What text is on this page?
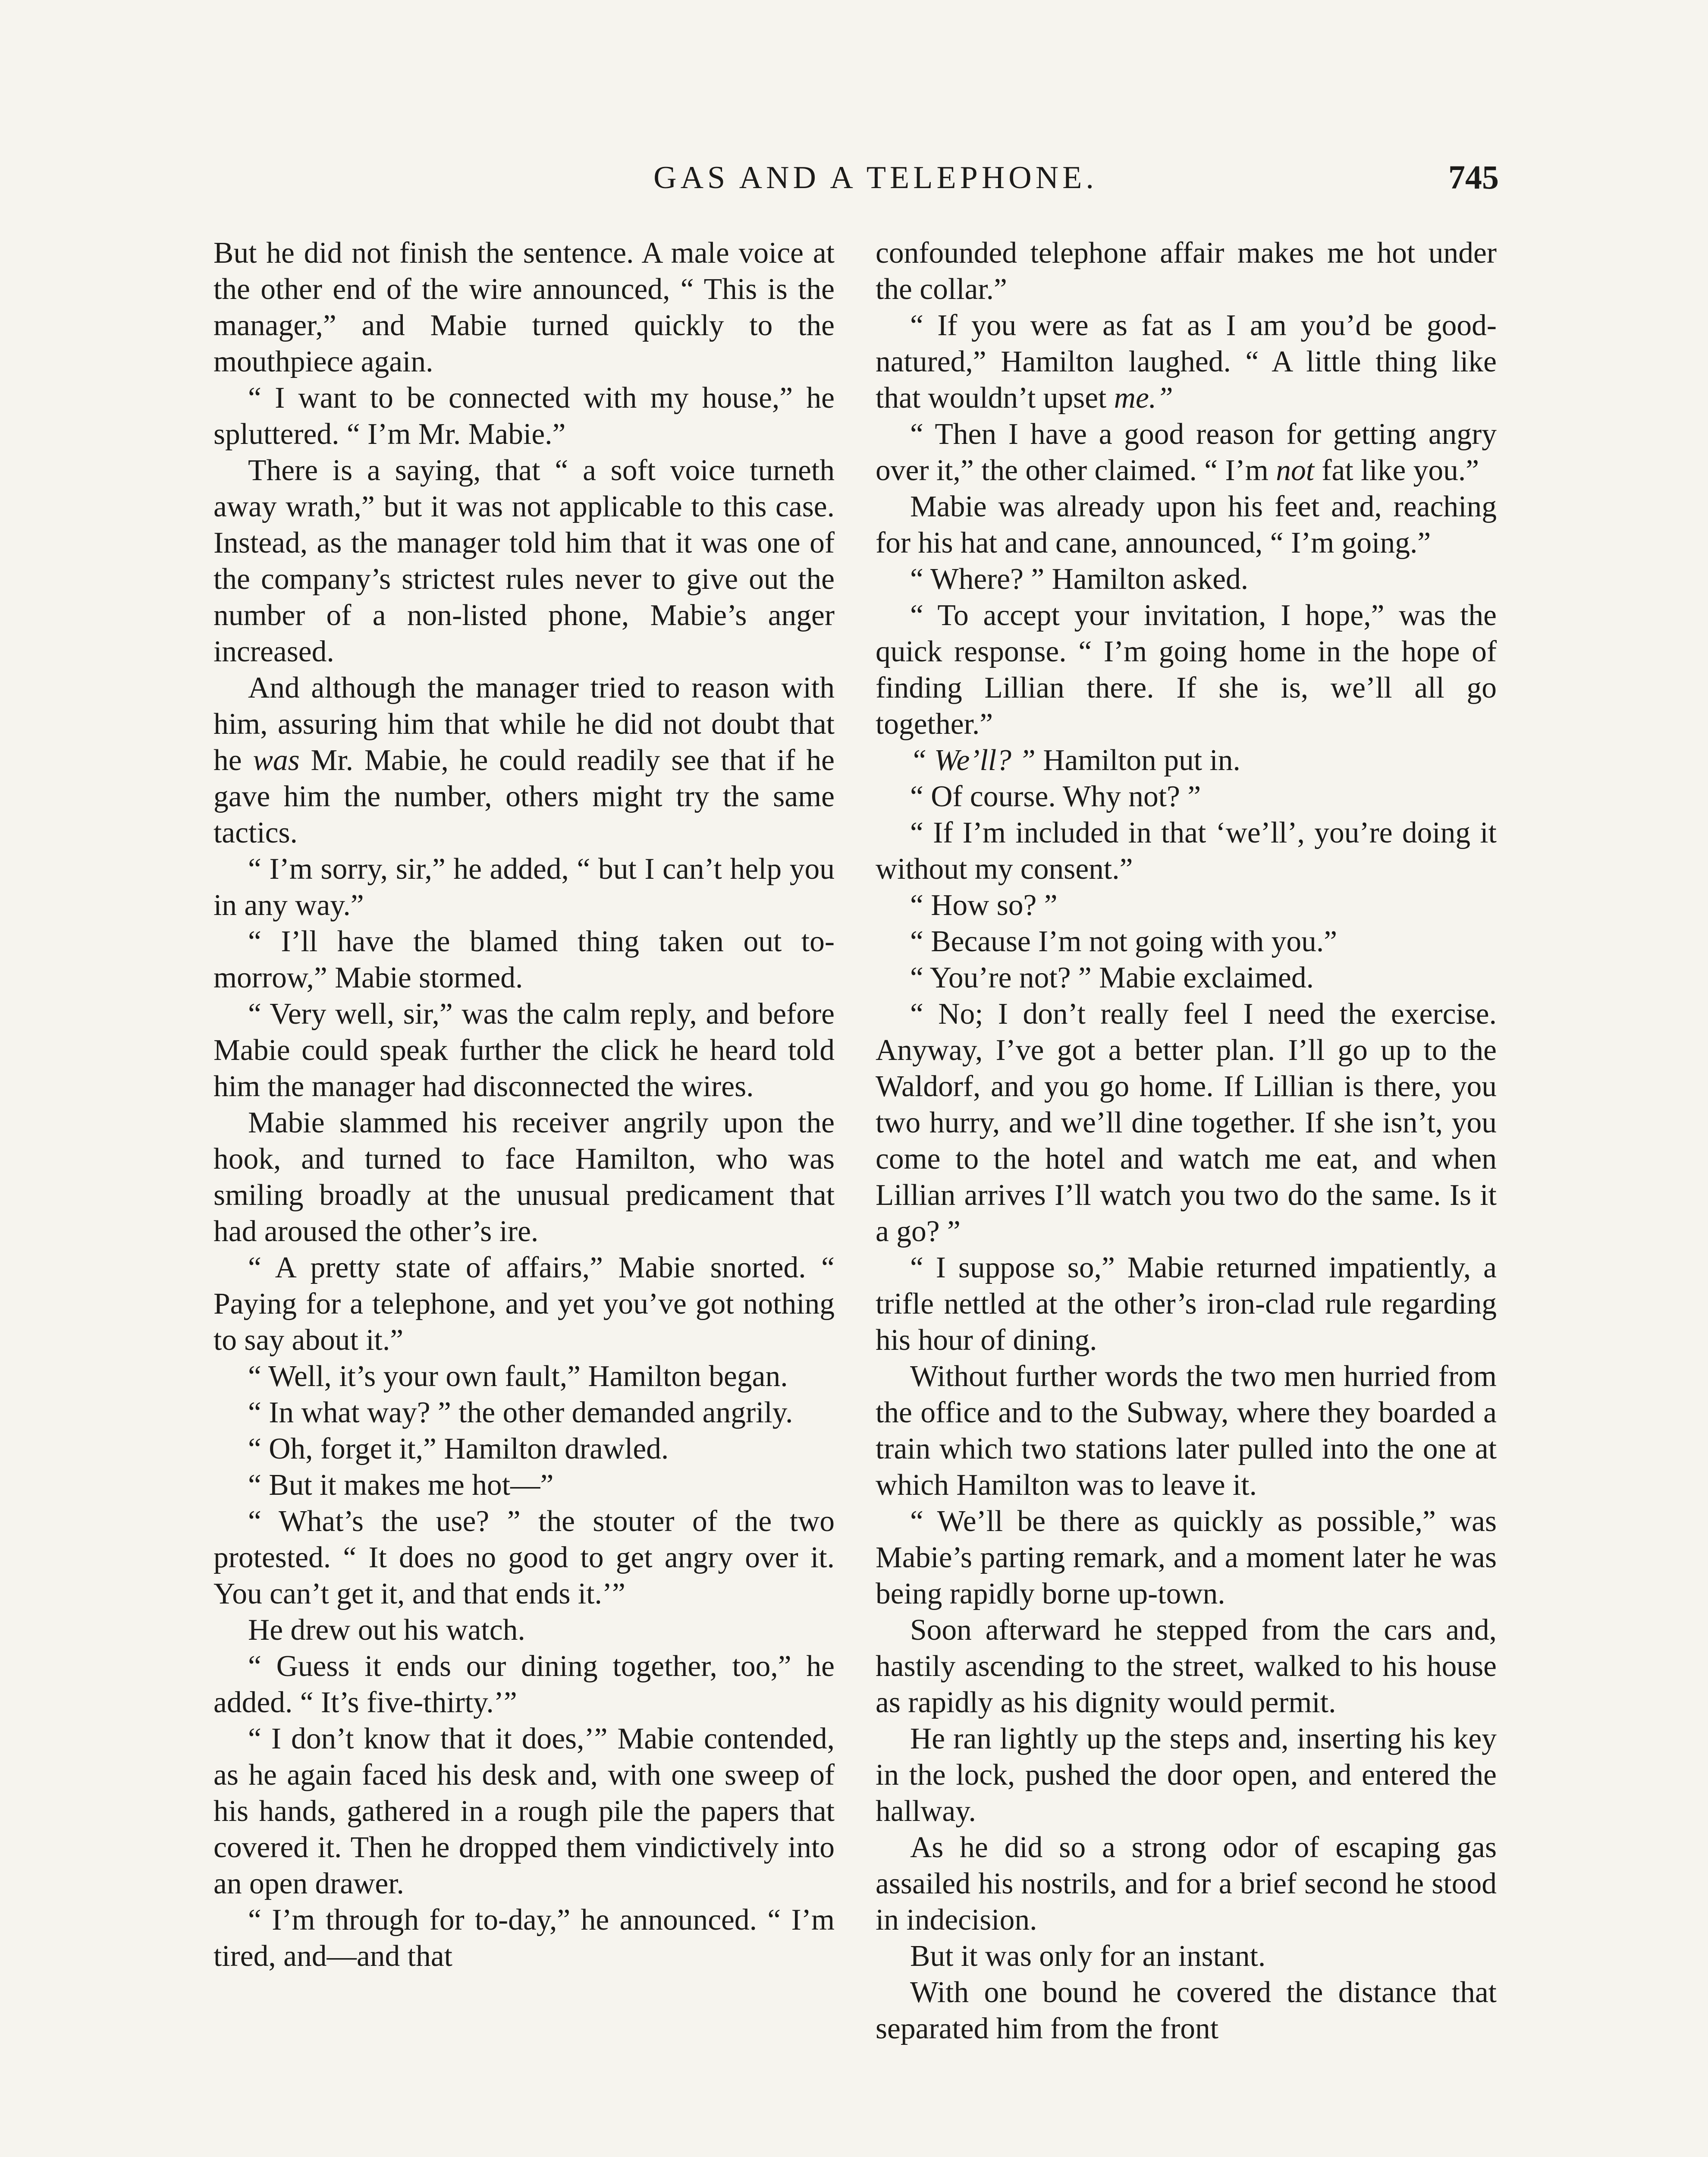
GAS AND A TELEPHONE.	745

But he did not finish the sentence. A male voice at the other end of the wire announced, “ This is the manager,” and Mabie turned quickly to the mouthpiece again.

“ I want to be connected with my house,” he spluttered. “ I’m Mr. Mabie.”

There is a saying, that “ a soft voice turneth away wrath,” but it was not applicable to this case. Instead, as the manager told him that it was one of the company’s strictest rules never to give out the number of a non-listed phone, Mabie’s anger increased.

And although the manager tried to reason with him, assuring him that while he did not doubt that he was Mr. Mabie, he could readily see that if he gave him the number, others might try the same tactics.

“ I’m sorry, sir,” he added, “ but I can’t help you in any way.”

“ I’ll have the blamed thing taken out to-morrow,” Mabie stormed.

“ Very well, sir,” was the calm reply, and before Mabie could speak further the click he heard told him the manager had disconnected the wires.

Mabie slammed his receiver angrily upon the hook, and turned to face Hamilton, who was smiling broadly at the unusual predicament that had aroused the other’s ire.

“ A pretty state of affairs,” Mabie snorted. “ Paying for a telephone, and yet you’ve got nothing to say about it.”

“ Well, it’s your own fault,” Hamilton began.

“ In what way? ” the other demanded angrily.

“ Oh, forget it,” Hamilton drawled.

“ But it makes me hot—”

“ What’s the use? ” the stouter of the two protested. “ It does no good to get angry over it. You can’t get it, and that ends it.’”

He drew out his watch.

“ Guess it ends our dining together, too,” he added. “ It’s five-thirty.’”

“ I don’t know that it does,’” Mabie contended, as he again faced his desk and, with one sweep of his hands, gathered in a rough pile the papers that covered it. Then he dropped them vindictively into an open drawer.

“ I’m through for to-day,” he announced. “ I’m tired, and—and that

confounded telephone affair makes me hot under the collar.”

“ If you were as fat as I am you’d be good-natured,” Hamilton laughed. “ A little thing like that wouldn’t upset me.”

“ Then I have a good reason for getting angry over it,” the other claimed. “ I’m not fat like you.”

Mabie was already upon his feet and, reaching for his hat and cane, announced, “ I’m going.”

“ Where? ” Hamilton asked.

“ To accept your invitation, I hope,” was the quick response. “ I’m going home in the hope of finding Lillian there. If she is, we’ll all go together.”

“ We’ll? ” Hamilton put in.

“ Of course. Why not? ”

“ If I’m included in that ‘we’ll’, you’re doing it without my consent.”

“ How so? ”

“ Because I’m not going with you.”

“ You’re not? ” Mabie exclaimed.

“ No; I don’t really feel I need the exercise. Anyway, I’ve got a better plan. I’ll go up to the Waldorf, and you go home. If Lillian is there, you two hurry, and we’ll dine together. If she isn’t, you come to the hotel and watch me eat, and when Lillian arrives I’ll watch you two do the same. Is it a go? ”

“ I suppose so,” Mabie returned impatiently, a trifle nettled at the other’s iron-clad rule regarding his hour of dining.

Without further words the two men hurried from the office and to the Subway, where they boarded a train which two stations later pulled into the one at which Hamilton was to leave it.

“ We’ll be there as quickly as possible,” was Mabie’s parting remark, and a moment later he was being rapidly borne up-town.

Soon afterward he stepped from the cars and, hastily ascending to the street, walked to his house as rapidly as his dignity would permit.

He ran lightly up the steps and, inserting his key in the lock, pushed the door open, and entered the hallway.

As he did so a strong odor of escaping gas assailed his nostrils, and for a brief second he stood in indecision.

But it was only for an instant.

With one bound he covered the distance that separated him from the front
